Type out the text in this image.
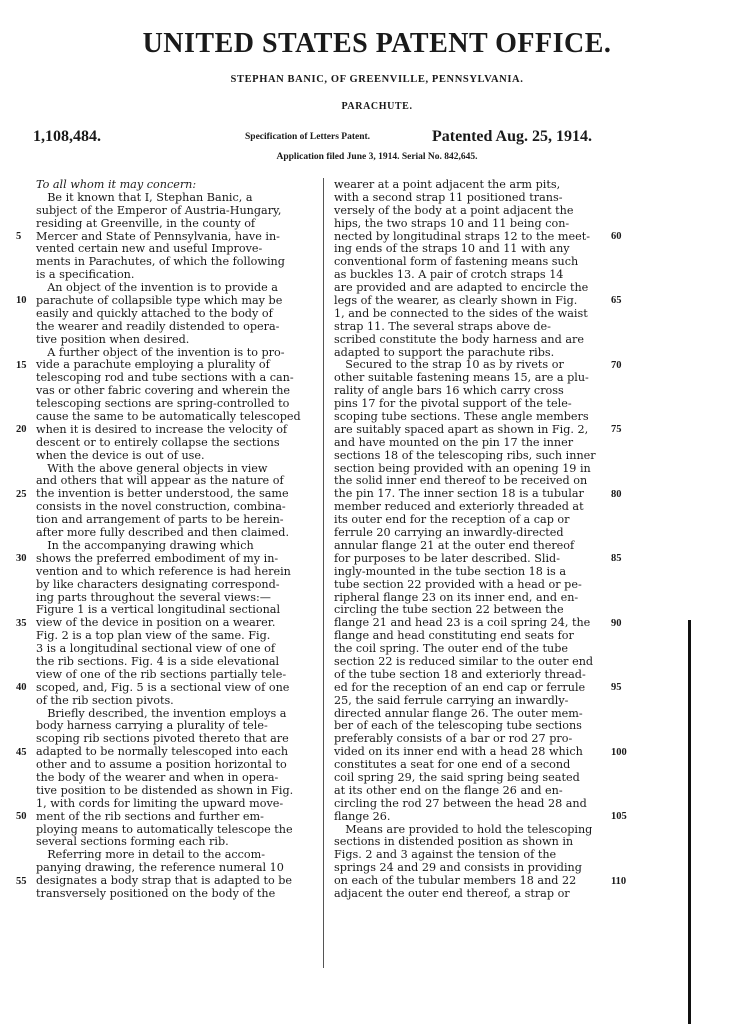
UNITED STATES PATENT OFFICE.
STEPHAN BANIC, OF GREENVILLE, PENNSYLVANIA.
PARACHUTE.
1,108,484.	Specification of Letters Patent.	Patented Aug. 25, 1914.
Application filed June 3, 1914. Serial No. 842,645.
To all whom it may concern:
 Be it known that I, Stephan Banic, a
subject of the Emperor of Austria-Hungary,
residing at Greenville, in the county of
Mercer and State of Pennsylvania, have in-
vented certain new and useful Improve-
ments in Parachutes, of which the following
is a specification.
 An object of the invention is to provide a
parachute of collapsible type which may be
easily and quickly attached to the body of
the wearer and readily distended to opera-
tive position when desired.
 A further object of the invention is to pro-
vide a parachute employing a plurality of
telescoping rod and tube sections with a can-
vas or other fabric covering and wherein the
telescoping sections are spring-controlled to
cause the same to be automatically telescoped
when it is desired to increase the velocity of
descent or to entirely collapse the sections
when the device is out of use.
 With the above general objects in view
and others that will appear as the nature of
the invention is better understood, the same
consists in the novel construction, combina-
tion and arrangement of parts to be herein-
after more fully described and then claimed.
 In the accompanying drawing which
shows the preferred embodiment of my in-
vention and to which reference is had herein
by like characters designating correspond-
ing parts throughout the several views:—
Figure 1 is a vertical longitudinal sectional
view of the device in position on a wearer.
Fig. 2 is a top plan view of the same. Fig.
3 is a longitudinal sectional view of one of
the rib sections. Fig. 4 is a side elevational
view of one of the rib sections partially tele-
scoped, and, Fig. 5 is a sectional view of one
of the rib section pivots.
 Briefly described, the invention employs a
body harness carrying a plurality of tele-
scoping rib sections pivoted thereto that are
adapted to be normally telescoped into each
other and to assume a position horizontal to
the body of the wearer and when in opera-
tive position to be distended as shown in Fig.
1, with cords for limiting the upward move-
ment of the rib sections and further em-
ploying means to automatically telescope the
several sections forming each rib.
 Referring more in detail to the accom-
panying drawing, the reference numeral 10
designates a body strap that is adapted to be
transversely positioned on the body of the
wearer at a point adjacent the arm pits,
with a second strap 11 positioned trans-
versely of the body at a point adjacent the
hips, the two straps 10 and 11 being con-
nected by longitudinal straps 12 to the meet-
ing ends of the straps 10 and 11 with any
conventional form of fastening means such
as buckles 13. A pair of crotch straps 14
are provided and are adapted to encircle the
legs of the wearer, as clearly shown in Fig.
1, and be connected to the sides of the waist
strap 11. The several straps above de-
scribed constitute the body harness and are
adapted to support the parachute ribs.
 Secured to the strap 10 as by rivets or
other suitable fastening means 15, are a plu-
rality of angle bars 16 which carry cross
pins 17 for the pivotal support of the tele-
scoping tube sections. These angle members
are suitably spaced apart as shown in Fig. 2,
and have mounted on the pin 17 the inner
sections 18 of the telescoping ribs, such inner
section being provided with an opening 19 in
the solid inner end thereof to be received on
the pin 17. The inner section 18 is a tubular
member reduced and exteriorly threaded at
its outer end for the reception of a cap or
ferrule 20 carrying an inwardly-directed
annular flange 21 at the outer end thereof
for purposes to be later described. Slid-
ingly-mounted in the tube section 18 is a
tube section 22 provided with a head or pe-
ripheral flange 23 on its inner end, and en-
circling the tube section 22 between the
flange 21 and head 23 is a coil spring 24, the
flange and head constituting end seats for
the coil spring. The outer end of the tube
section 22 is reduced similar to the outer end
of the tube section 18 and exteriorly thread-
ed for the reception of an end cap or ferrule
25, the said ferrule carrying an inwardly-
directed annular flange 26. The outer mem-
ber of each of the telescoping tube sections
preferably consists of a bar or rod 27 pro-
vided on its inner end with a head 28 which
constitutes a seat for one end of a second
coil spring 29, the said spring being seated
at its other end on the flange 26 and en-
circling the rod 27 between the head 28 and
flange 26.
 Means are provided to hold the telescoping
sections in distended position as shown in
Figs. 2 and 3 against the tension of the
springs 24 and 29 and consists in providing
on each of the tubular members 18 and 22
adjacent the outer end thereof, a strap or
5
10
15
20
25
30
35
40
45
50
55
60
65
70
75
80
85
90
95
100
105
110
